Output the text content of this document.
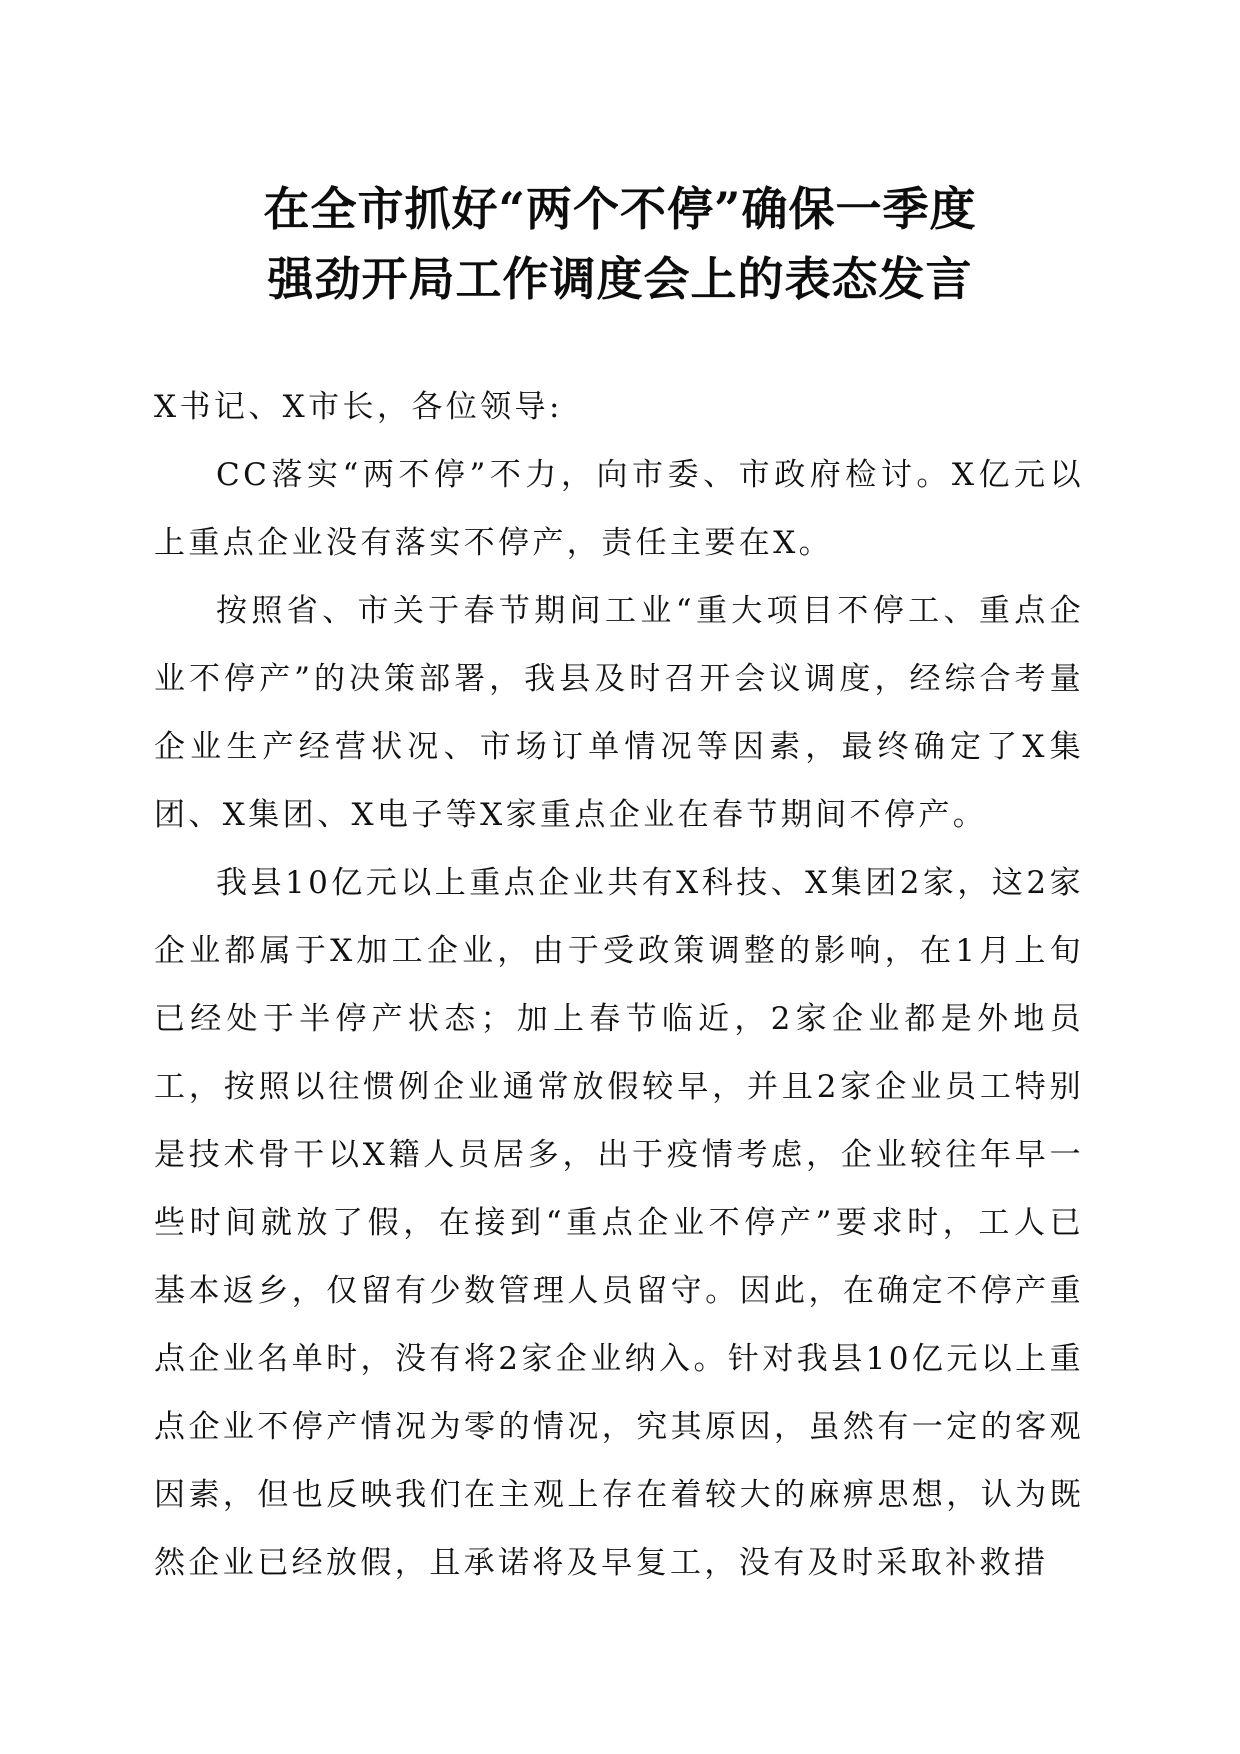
在全市抓好“两个不停”确保一季度
强劲开局工作调度会上的表态发言

X书记、X市长，各位领导:

CC落实“两不停”不力，向市委、市政府检讨。X亿元以上重点企业没有落实不停产，责任主要在X。

按照省、市关于春节期间工业“重大项目不停工、重点企业不停产”的决策部署，我县及时召开会议调度，经综合考量企业生产经营状况、市场订单情况等因素，最终确定了X集团、X集团、X电子等X家重点企业在春节期间不停产。

我县10亿元以上重点企业共有X科技、X集团2家，这2家企业都属于X加工企业，由于受政策调整的影响，在1月上旬已经处于半停产状态；加上春节临近，2家企业都是外地员工，按照以往惯例企业通常放假较早，并且2家企业员工特别是技术骨干以X籍人员居多，出于疫情考虑，企业较往年早一些时间就放了假，在接到“重点企业不停产”要求时，工人已基本返乡，仅留有少数管理人员留守。因此，在确定不停产重点企业名单时，没有将2家企业纳入。针对我县10亿元以上重点企业不停产情况为零的情况，究其原因，虽然有一定的客观因素，但也反映我们在主观上存在着较大的麻痹思想，认为既然企业已经放假，且承诺将及早复工，没有及时采取补救措
